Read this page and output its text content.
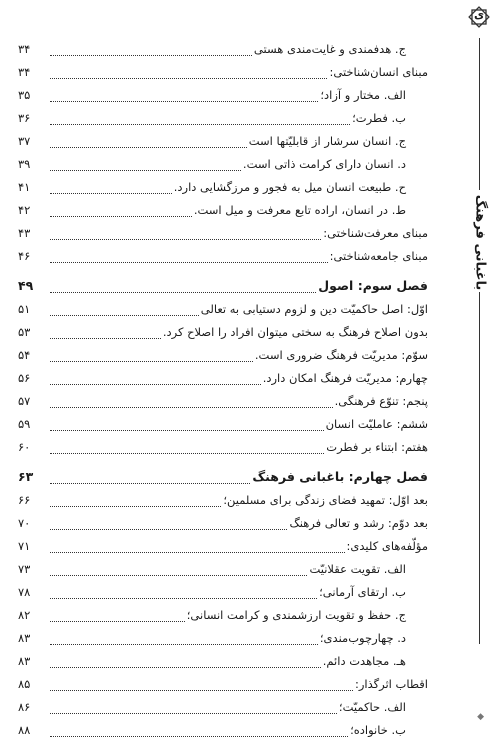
ی
باغبانی فرهنگ
◆
ج. هدفمندی و غایت‌مندی هستی
۳۴
مبنای انسان‌شناختی:
۳۴
الف. مختار و آزاد؛
۳۵
ب. فطرت؛
۳۶
ج. انسان سرشار از قابلیّتها است
۳۷
د. انسان دارای کرامت ذاتی است.
۳۹
ح. طبیعت انسان میل به فجور و مرزگشایی دارد.
۴۱
ط. در انسان، اراده تابع معرفت و میل است.
۴۲
مبنای معرفت‌شناختی:
۴۳
مبنای جامعه‌شناختی:
۴۶
فصل سوم: اصول
۴۹
اوّل: اصل حاکمیّت دین و لزوم دستیابی به تعالی
۵۱
بدون اصلاح فرهنگ به سختی میتوان افراد را اصلاح کرد.
۵۳
سوّم: مدیریّت فرهنگ ضروری است.
۵۴
چهارم: مدیریّت فرهنگ امکان دارد.
۵۶
پنجم: تنوّع فرهنگی.
۵۷
ششم: عاملیّت انسان
۵۹
هفتم: ابتناء بر فطرت
۶۰
فصل چهارم: باغبانی فرهنگ
۶۳
بعد اوّل: تمهید فضای زندگی برای مسلمین؛
۶۶
بعد دوّم: رشد و تعالی فرهنگ
۷۰
مؤلّفه‌های کلیدی:
۷۱
الف. تقویت عقلانیّت
۷۳
ب. ارتقای آرمانی؛
۷۸
ج. حفظ و تقویت ارزشمندی و کرامت انسانی؛
۸۲
د. چهارچوب‌مندی؛
۸۳
هـ. مجاهدت دائم.
۸۳
اقطاب اثرگذار:
۸۵
الف. حاکمیّت؛
۸۶
ب. خانواده؛
۸۸
